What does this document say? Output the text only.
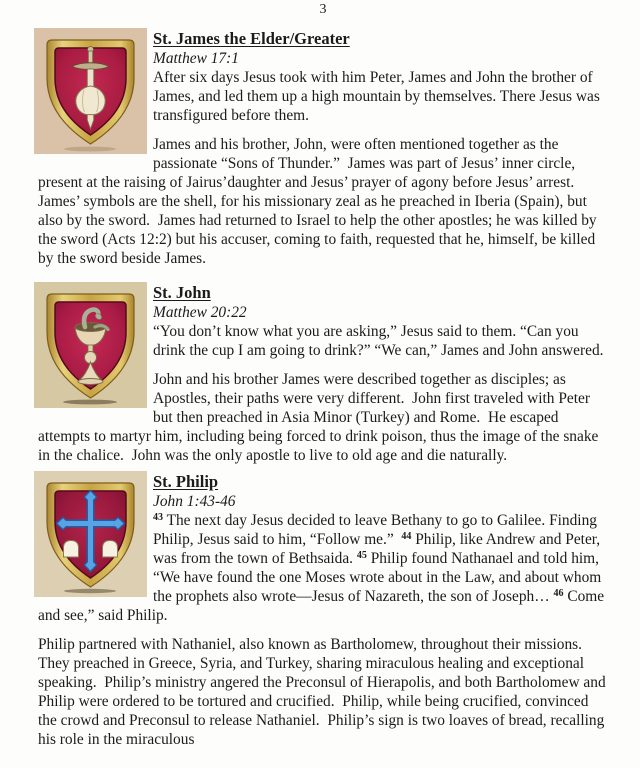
3
St. James the Elder/Greater

Matthew 17:1

After six days Jesus took with him Peter, James and John the brother of James, and led them up a high mountain by themselves. There Jesus was transfigured before them.

James and his brother, John, were often mentioned together as the passionate “Sons of Thunder.”  James was part of Jesus’ inner circle, present at the raising of Jairus’daughter and Jesus’ prayer of agony before Jesus’ arrest.  James’ symbols are the shell, for his missionary zeal as he preached in Iberia (Spain), but also by the sword.  James had returned to Israel to help the other apostles; he was killed by the sword (Acts 12:2) but his accuser, coming to faith, requested that he, himself, be killed by the sword beside James.

St. John

Matthew 20:22

“You don’t know what you are asking,” Jesus said to them. “Can you drink the cup I am going to drink?” “We can,” James and John answered.

John and his brother James were described together as disciples; as Apostles, their paths were very different.  John first traveled with Peter but then preached in Asia Minor (Turkey) and Rome.  He escaped attempts to martyr him, including being forced to drink poison, thus the image of the snake in the chalice.  John was the only apostle to live to old age and die naturally.

St. Philip

John 1:43-46

$^{43}$ The next day Jesus decided to leave Bethany to go to Galilee. Finding Philip, Jesus said to him, “Follow me.”  $^{44}$ Philip, like Andrew and Peter, was from the town of Bethsaida. $^{45}$ Philip found Nathanael and told him, “We have found the one Moses wrote about in the Law, and about whom the prophets also wrote—Jesus of Nazareth, the son of Joseph… $^{46}$ Come and see,” said Philip.

Philip partnered with Nathaniel, also known as Bartholomew, throughout their missions.  They preached in Greece, Syria, and Turkey, sharing miraculous healing and exceptional speaking.  Philip’s ministry angered the Preconsul of Hierapolis, and both Bartholomew and Philip were ordered to be tortured and crucified.  Philip, while being crucified, convinced the crowd and Preconsul to release Nathaniel.  Philip’s sign is two loaves of bread, recalling his role in the miraculous
